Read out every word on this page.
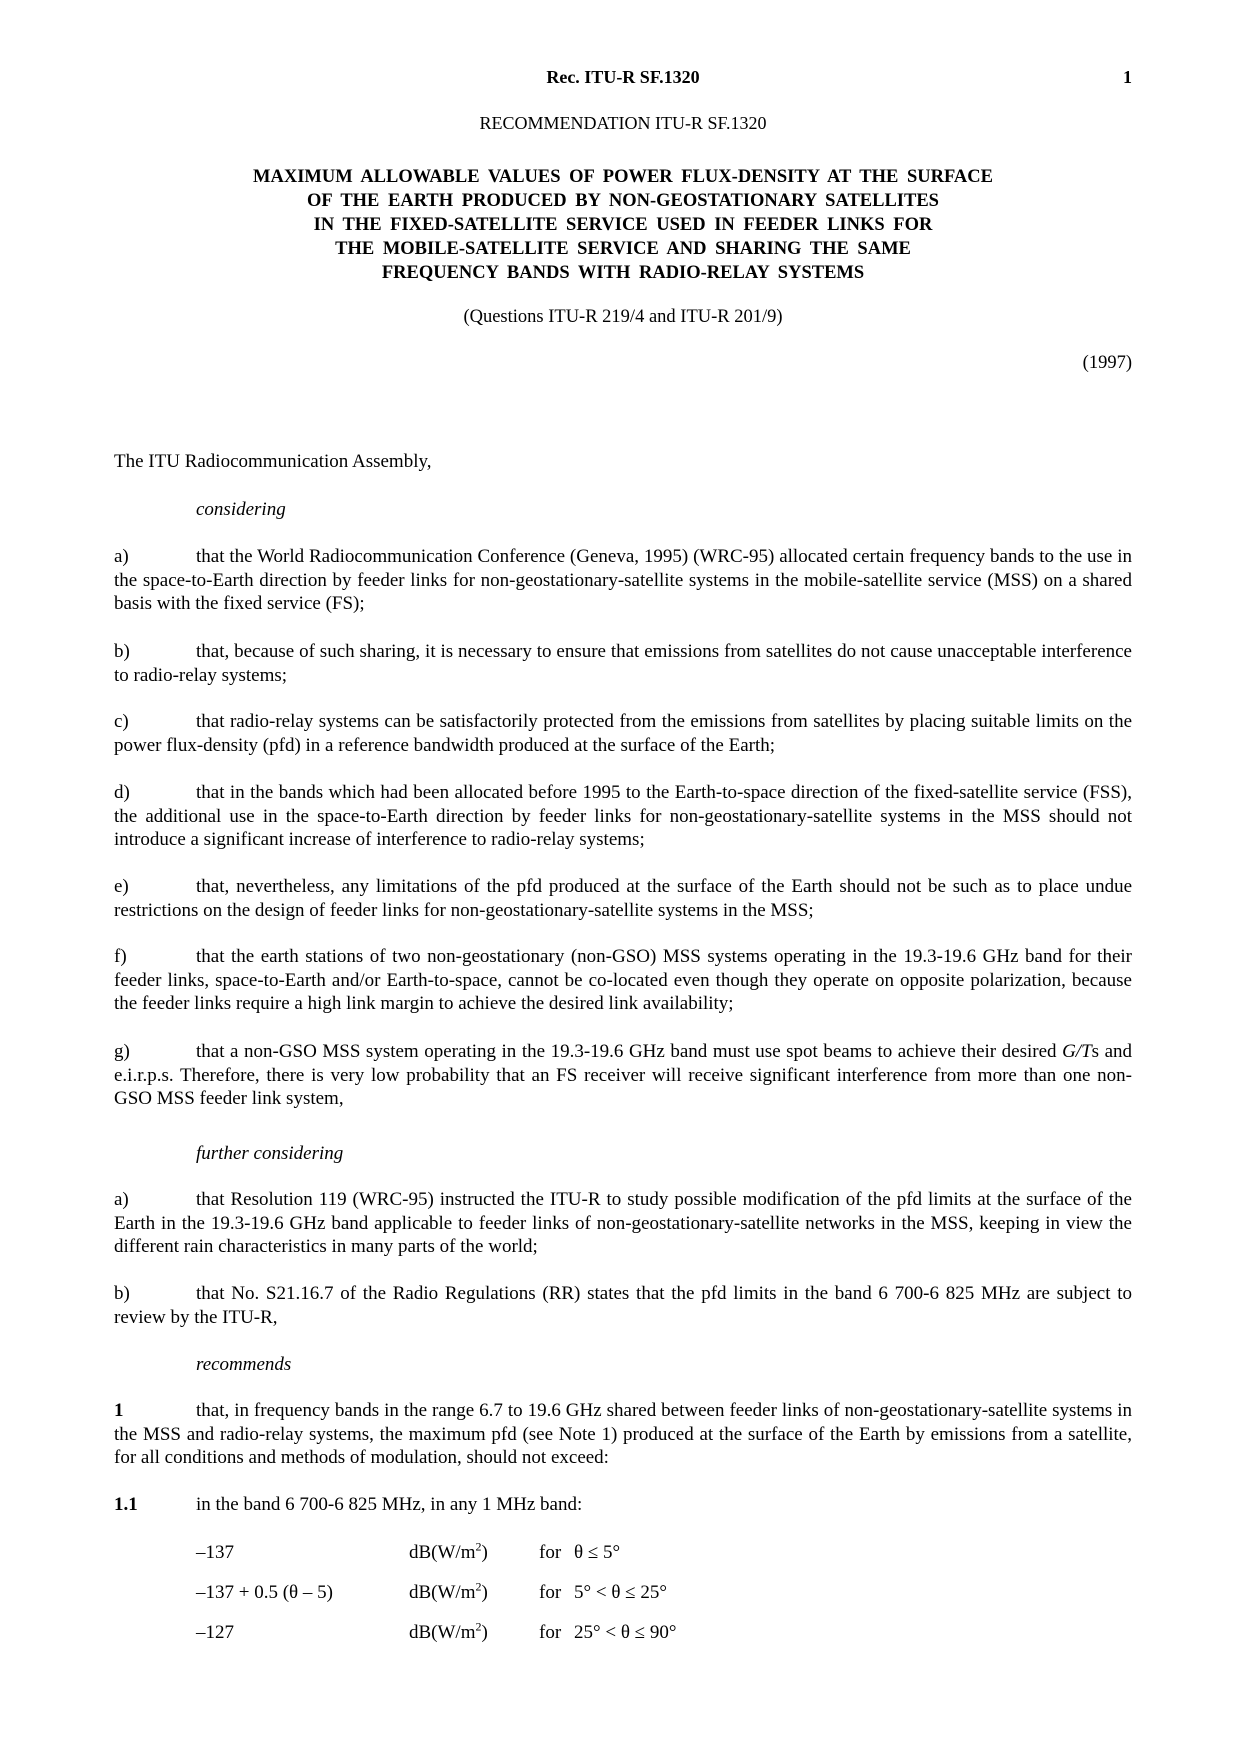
Rec. ITU-R SF.1320	1
RECOMMENDATION ITU-R SF.1320
MAXIMUM ALLOWABLE VALUES OF POWER FLUX-DENSITY AT THE SURFACE
OF THE EARTH PRODUCED BY NON-GEOSTATIONARY SATELLITES
IN THE FIXED-SATELLITE SERVICE USED IN FEEDER LINKS FOR
THE MOBILE-SATELLITE SERVICE AND SHARING THE SAME
FREQUENCY BANDS WITH RADIO-RELAY SYSTEMS
(Questions ITU-R 219/4 and ITU-R 201/9)
(1997)
The ITU Radiocommunication Assembly,
considering
a)	that the World Radiocommunication Conference (Geneva, 1995) (WRC-95) allocated certain frequency bands to the use in the space-to-Earth direction by feeder links for non-geostationary-satellite systems in the mobile-satellite service (MSS) on a shared basis with the fixed service (FS);
b)	that, because of such sharing, it is necessary to ensure that emissions from satellites do not cause unacceptable interference to radio-relay systems;
c)	that radio-relay systems can be satisfactorily protected from the emissions from satellites by placing suitable limits on the power flux-density (pfd) in a reference bandwidth produced at the surface of the Earth;
d)	that in the bands which had been allocated before 1995 to the Earth-to-space direction of the fixed-satellite service (FSS), the additional use in the space-to-Earth direction by feeder links for non-geostationary-satellite systems in the MSS should not introduce a significant increase of interference to radio-relay systems;
e)	that, nevertheless, any limitations of the pfd produced at the surface of the Earth should not be such as to place undue restrictions on the design of feeder links for non-geostationary-satellite systems in the MSS;
f)	that the earth stations of two non-geostationary (non-GSO) MSS systems operating in the 19.3-19.6 GHz band for their feeder links, space-to-Earth and/or Earth-to-space, cannot be co-located even though they operate on opposite polarization, because the feeder links require a high link margin to achieve the desired link availability;
g)	that a non-GSO MSS system operating in the 19.3-19.6 GHz band must use spot beams to achieve their desired G/Ts and e.i.r.p.s. Therefore, there is very low probability that an FS receiver will receive significant interference from more than one non-GSO MSS feeder link system,
further considering
a)	that Resolution 119 (WRC-95) instructed the ITU-R to study possible modification of the pfd limits at the surface of the Earth in the 19.3-19.6 GHz band applicable to feeder links of non-geostationary-satellite networks in the MSS, keeping in view the different rain characteristics in many parts of the world;
b)	that No. S21.16.7 of the Radio Regulations (RR) states that the pfd limits in the band 6 700-6 825 MHz are subject to review by the ITU-R,
recommends
1	that, in frequency bands in the range 6.7 to 19.6 GHz shared between feeder links of non-geostationary-satellite systems in the MSS and radio-relay systems, the maximum pfd (see Note 1) produced at the surface of the Earth by emissions from a satellite, for all conditions and methods of modulation, should not exceed:
1.1	in the band 6 700-6 825 MHz, in any 1 MHz band:
–137	$dB(W/m^2)$	for θ ≤ 5°
–137 + 0.5 (θ – 5)	$dB(W/m^2)$	for 5° < θ ≤ 25°
–127	$dB(W/m^2)$	for 25° < θ ≤ 90°
